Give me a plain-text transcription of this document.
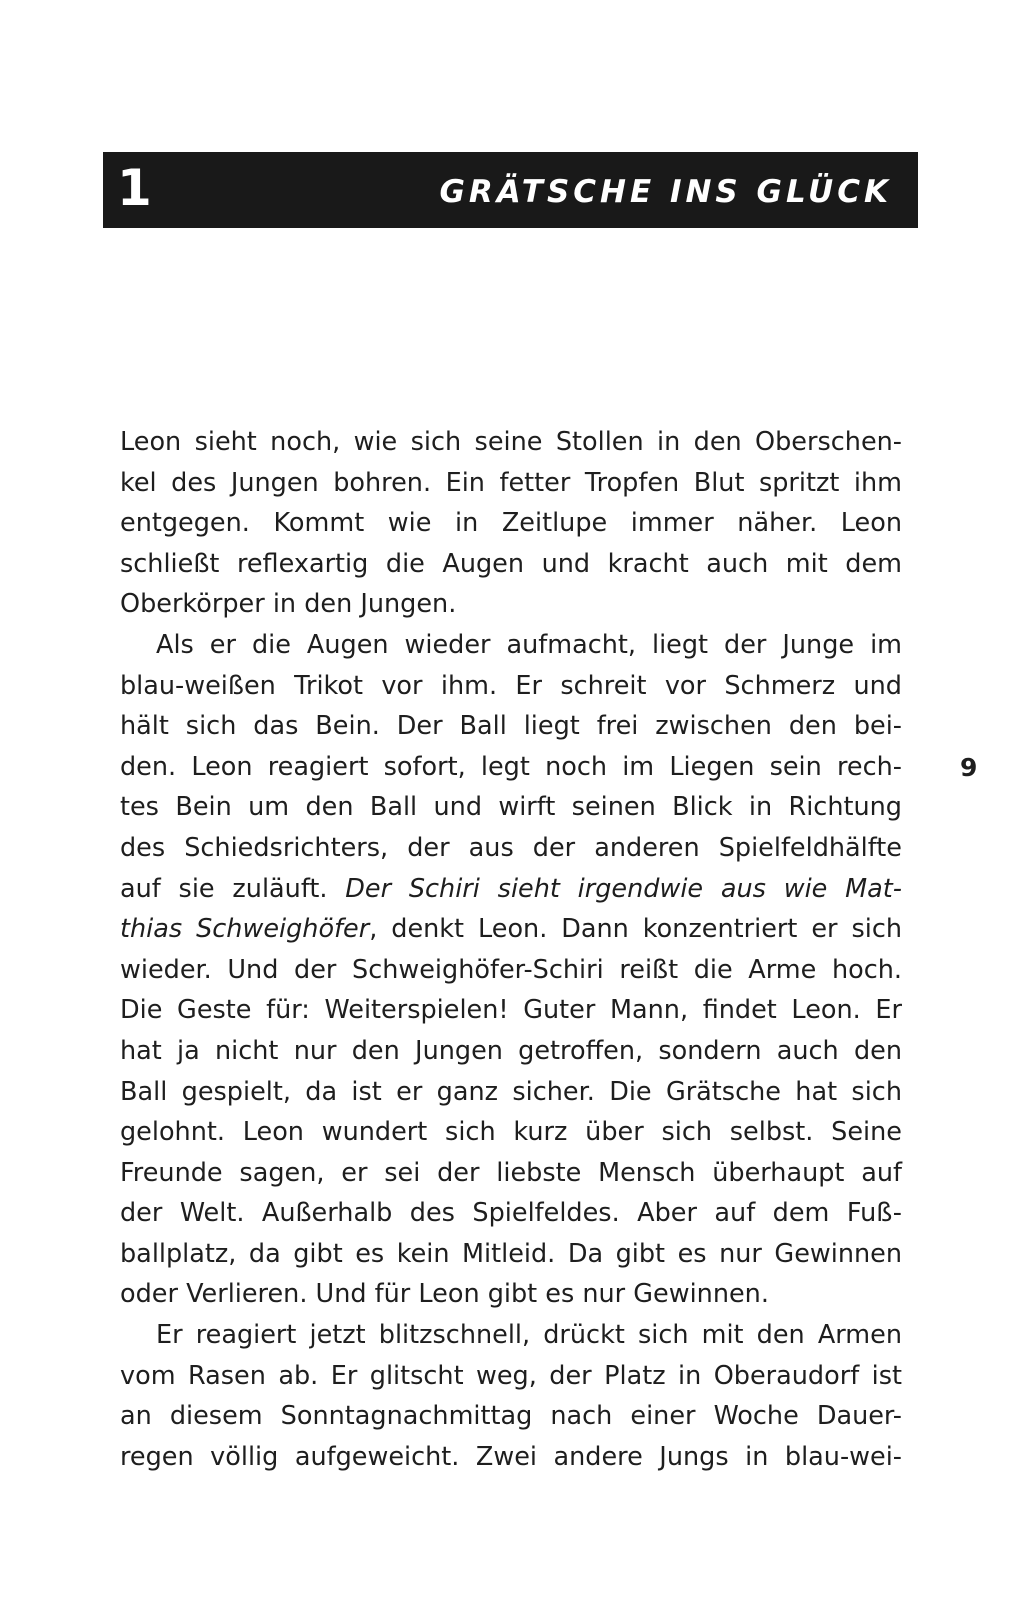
1	GRÄTSCHE INS GLÜCK
9
Leon sieht noch, wie sich seine Stollen in den Oberschen-
kel des Jungen bohren. Ein fetter Tropfen Blut spritzt ihm
entgegen. Kommt wie in Zeitlupe immer näher. Leon
schließt reflexartig die Augen und kracht auch mit dem
Oberkörper in den Jungen.
Als er die Augen wieder aufmacht, liegt der Junge im
blau-weißen Trikot vor ihm. Er schreit vor Schmerz und
hält sich das Bein. Der Ball liegt frei zwischen den bei-
den. Leon reagiert sofort, legt noch im Liegen sein rech-
tes Bein um den Ball und wirft seinen Blick in Richtung
des Schiedsrichters, der aus der anderen Spielfeldhälfte
auf sie zuläuft. Der Schiri sieht irgendwie aus wie Mat-
thias Schweighöfer, denkt Leon. Dann konzentriert er sich
wieder. Und der Schweighöfer-Schiri reißt die Arme hoch.
Die Geste für: Weiterspielen! Guter Mann, findet Leon. Er
hat ja nicht nur den Jungen getroffen, sondern auch den
Ball gespielt, da ist er ganz sicher. Die Grätsche hat sich
gelohnt. Leon wundert sich kurz über sich selbst. Seine
Freunde sagen, er sei der liebste Mensch überhaupt auf
der Welt. Außerhalb des Spielfeldes. Aber auf dem Fuß-
ballplatz, da gibt es kein Mitleid. Da gibt es nur Gewinnen
oder Verlieren. Und für Leon gibt es nur Gewinnen.
Er reagiert jetzt blitzschnell, drückt sich mit den Armen
vom Rasen ab. Er glitscht weg, der Platz in Oberaudorf ist
an diesem Sonntagnachmittag nach einer Woche Dauer-
regen völlig aufgeweicht. Zwei andere Jungs in blau-wei-
